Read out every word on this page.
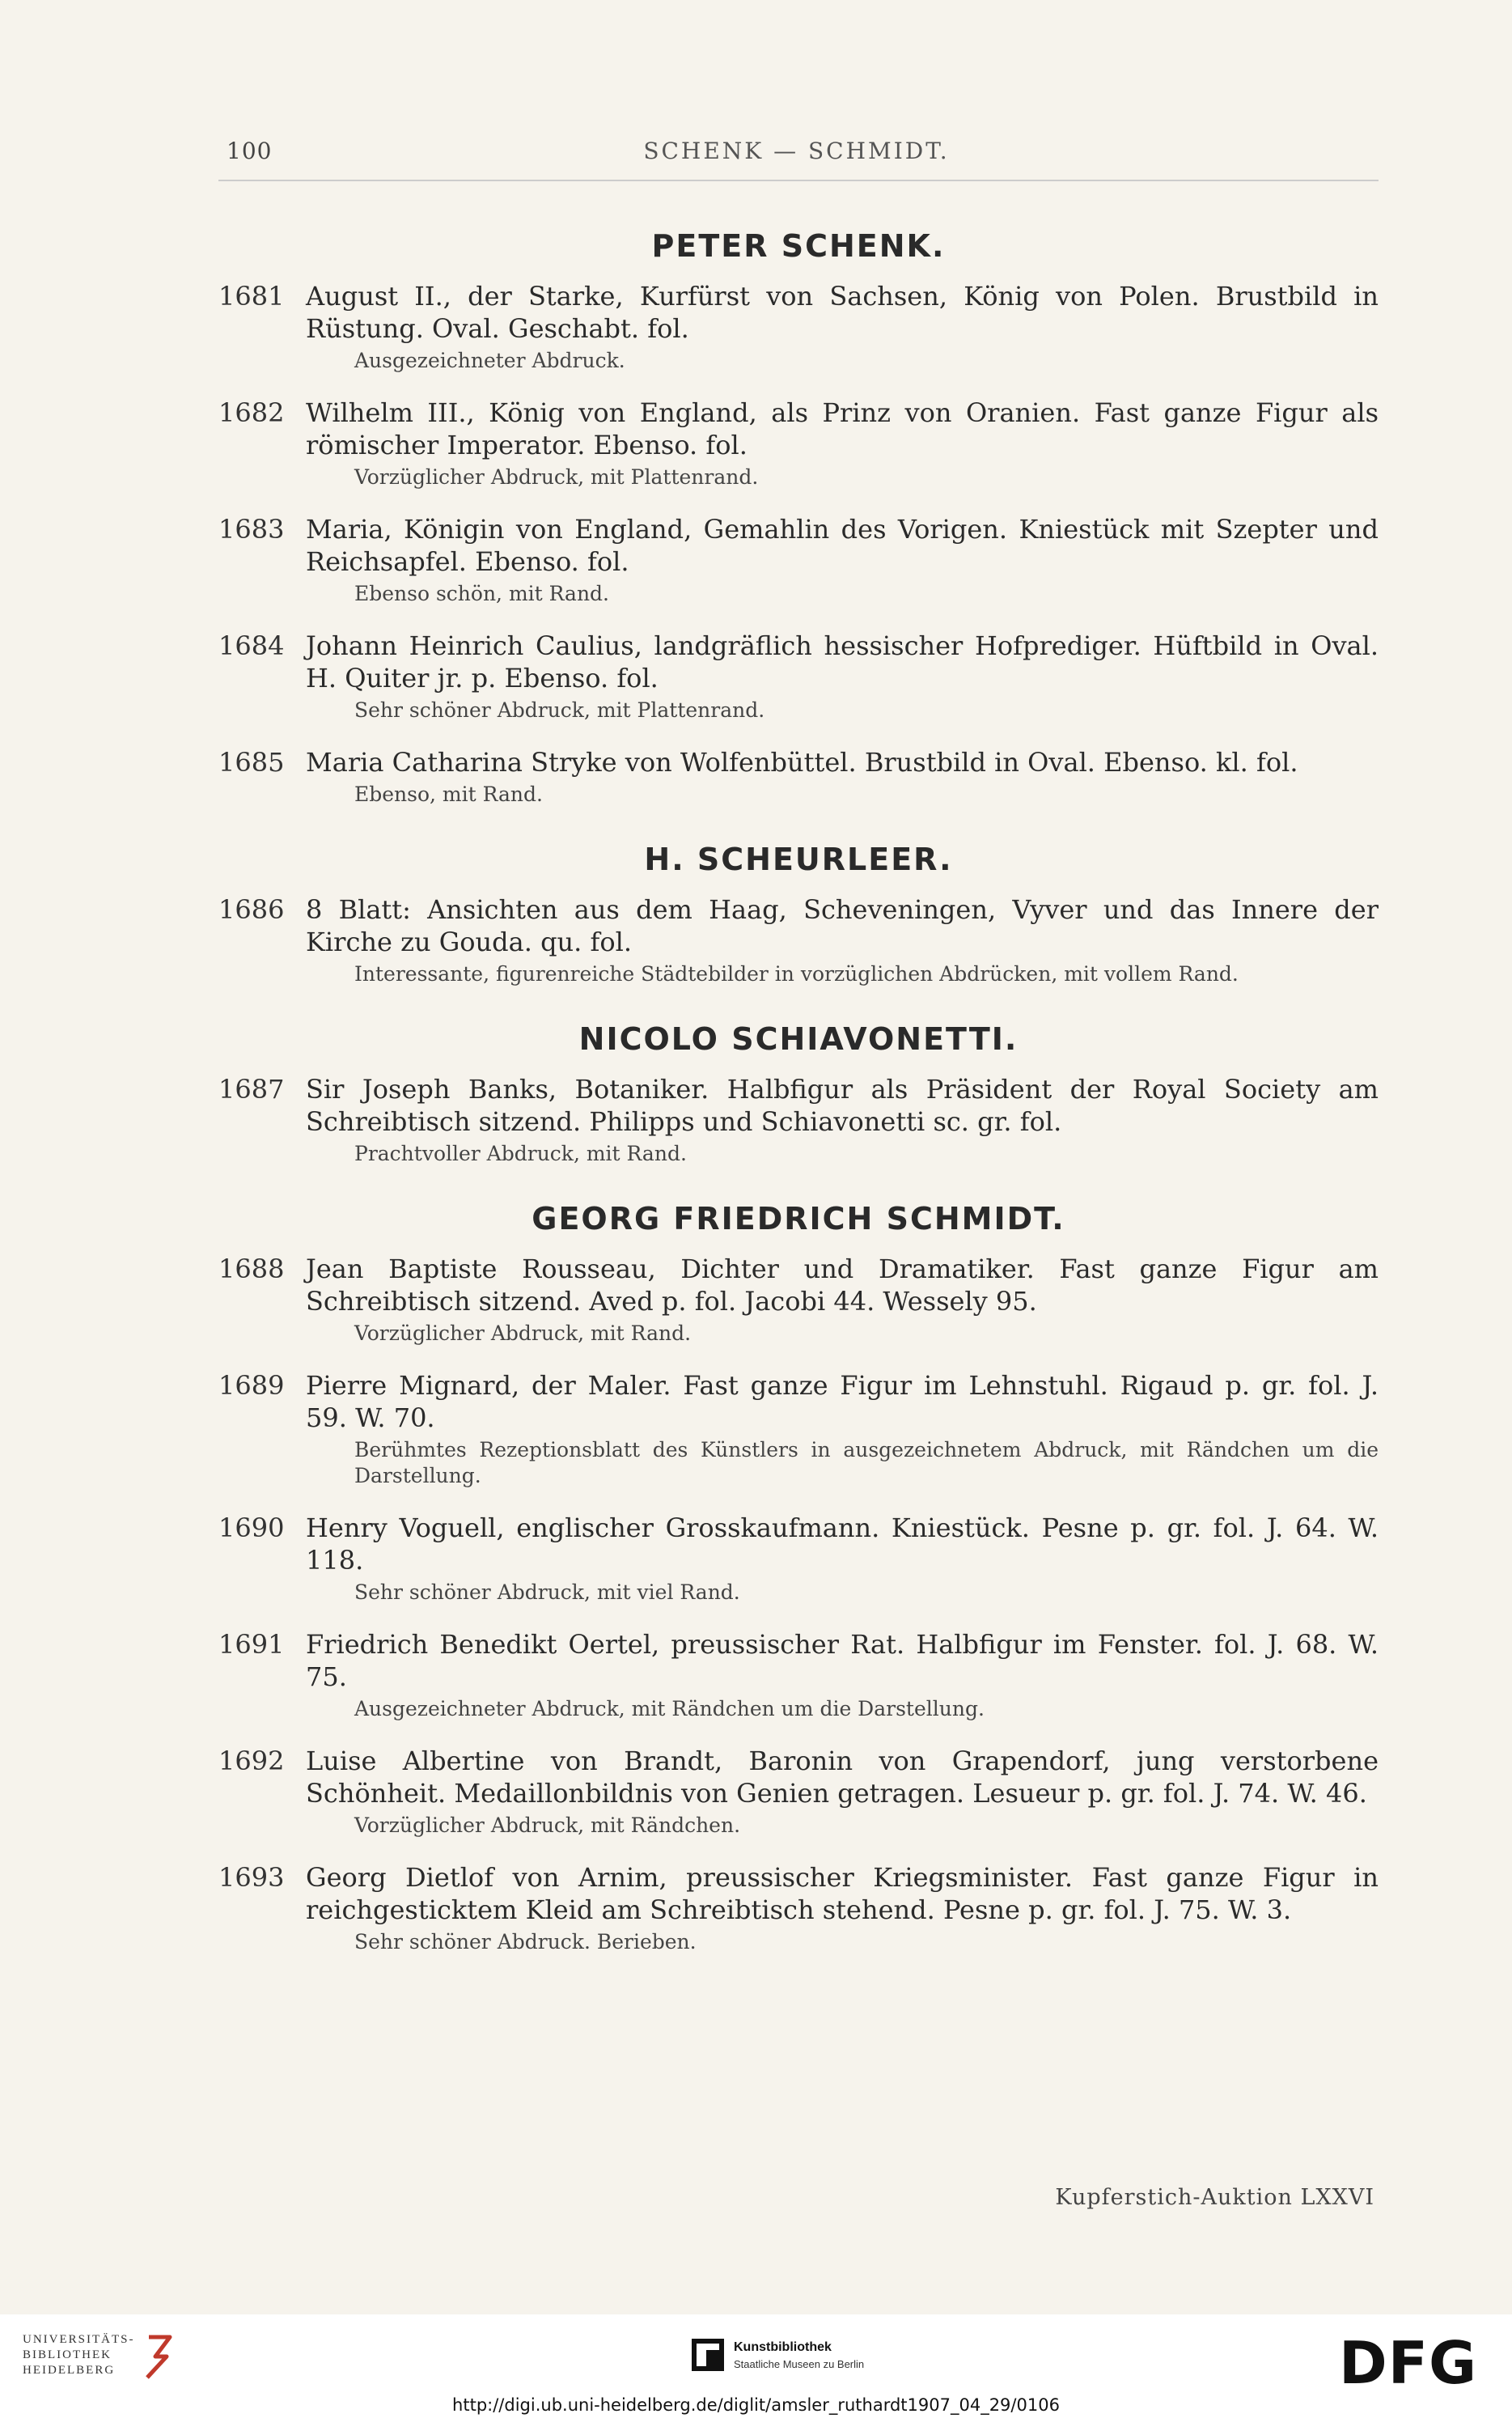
100	SCHENK — SCHMIDT.
PETER SCHENK.
1681 August II., der Starke, Kurfürst von Sachsen, König von Polen. Brustbild in Rüstung. Oval. Geschabt. fol.
Ausgezeichneter Abdruck.
1682 Wilhelm III., König von England, als Prinz von Oranien. Fast ganze Figur als römischer Imperator. Ebenso. fol.
Vorzüglicher Abdruck, mit Plattenrand.
1683 Maria, Königin von England, Gemahlin des Vorigen. Kniestück mit Szepter und Reichsapfel. Ebenso. fol.
Ebenso schön, mit Rand.
1684 Johann Heinrich Caulius, landgräflich hessischer Hofprediger. Hüftbild in Oval. H. Quiter jr. p. Ebenso. fol.
Sehr schöner Abdruck, mit Plattenrand.
1685 Maria Catharina Stryke von Wolfenbüttel. Brustbild in Oval. Ebenso. kl. fol.
Ebenso, mit Rand.
H. SCHEURLEER.
1686 8 Blatt: Ansichten aus dem Haag, Scheveningen, Vyver und das Innere der Kirche zu Gouda. qu. fol.
Interessante, figurenreiche Städtebilder in vorzüglichen Abdrücken, mit vollem Rand.
NICOLO SCHIAVONETTI.
1687 Sir Joseph Banks, Botaniker. Halbfigur als Präsident der Royal Society am Schreibtisch sitzend. Philipps und Schiavonetti sc. gr. fol.
Prachtvoller Abdruck, mit Rand.
GEORG FRIEDRICH SCHMIDT.
1688 Jean Baptiste Rousseau, Dichter und Dramatiker. Fast ganze Figur am Schreibtisch sitzend. Aved p. fol. Jacobi 44. Wessely 95.
Vorzüglicher Abdruck, mit Rand.
1689 Pierre Mignard, der Maler. Fast ganze Figur im Lehnstuhl. Rigaud p. gr. fol. J. 59. W. 70.
Berühmtes Rezeptionsblatt des Künstlers in ausgezeichnetem Abdruck, mit Rändchen um die Darstellung.
1690 Henry Voguell, englischer Grosskaufmann. Kniestück. Pesne p. gr. fol. J. 64. W. 118.
Sehr schöner Abdruck, mit viel Rand.
1691 Friedrich Benedikt Oertel, preussischer Rat. Halbfigur im Fenster. fol. J. 68. W. 75.
Ausgezeichneter Abdruck, mit Rändchen um die Darstellung.
1692 Luise Albertine von Brandt, Baronin von Grapendorf, jung verstorbene Schönheit. Medaillonbildnis von Genien getragen. Lesueur p. gr. fol. J. 74. W. 46.
Vorzüglicher Abdruck, mit Rändchen.
1693 Georg Dietlof von Arnim, preussischer Kriegsminister. Fast ganze Figur in reichgesticktem Kleid am Schreibtisch stehend. Pesne p. gr. fol. J. 75. W. 3.
Sehr schöner Abdruck. Berieben.
Kupferstich-Auktion LXXVI
UNIVERSITÄTS-
BIBLIOTHEK
HEIDELBERG
Kunstbibliothek
Staatliche Museen zu Berlin	DFG
http://digi.ub.uni-heidelberg.de/diglit/amsler_ruthardt1907_04_29/0106
